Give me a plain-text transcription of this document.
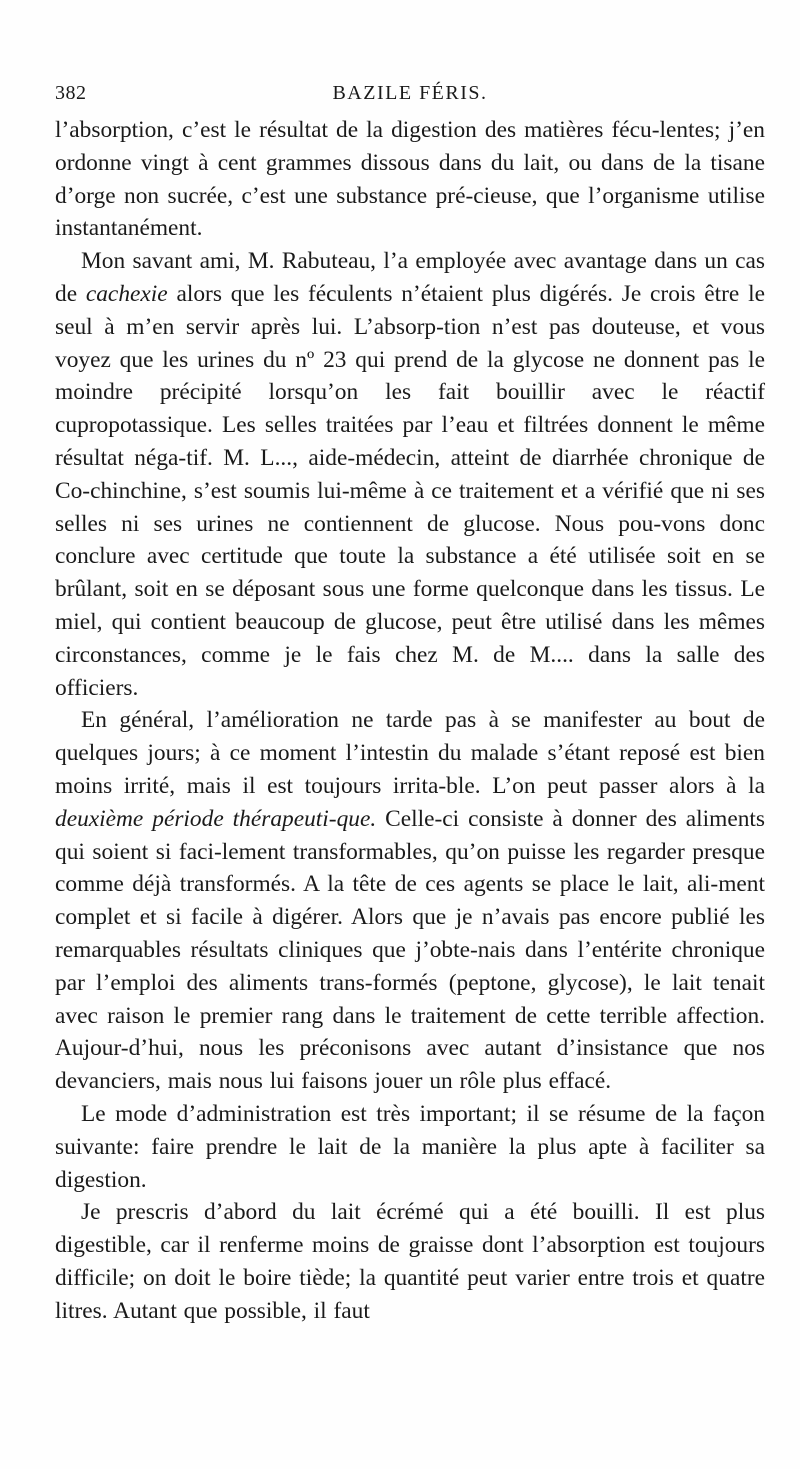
382	BAZILE FÉRIS.

l’absorption, c’est le résultat de la digestion des matières fécu-lentes; j’en ordonne vingt à cent grammes dissous dans du lait, ou dans de la tisane d’orge non sucrée, c’est une substance pré-cieuse, que l’organisme utilise instantanément.

Mon savant ami, M. Rabuteau, l’a employée avec avantage dans un cas de cachexie alors que les féculents n’étaient plus digérés. Je crois être le seul à m’en servir après lui. L’absorp-tion n’est pas douteuse, et vous voyez que les urines du nº 23 qui prend de la glycose ne donnent pas le moindre précipité lorsqu’on les fait bouillir avec le réactif cupropotassique. Les selles traitées par l’eau et filtrées donnent le même résultat néga-tif. M. L..., aide-médecin, atteint de diarrhée chronique de Co-chinchine, s’est soumis lui-même à ce traitement et a vérifié que ni ses selles ni ses urines ne contiennent de glucose. Nous pou-vons donc conclure avec certitude que toute la substance a été utilisée soit en se brûlant, soit en se déposant sous une forme quelconque dans les tissus. Le miel, qui contient beaucoup de glucose, peut être utilisé dans les mêmes circonstances, comme je le fais chez M. de M.... dans la salle des officiers.

En général, l’amélioration ne tarde pas à se manifester au bout de quelques jours; à ce moment l’intestin du malade s’étant reposé est bien moins irrité, mais il est toujours irrita-ble. L’on peut passer alors à la deuxième période thérapeuti-que. Celle-ci consiste à donner des aliments qui soient si faci-lement transformables, qu’on puisse les regarder presque comme déjà transformés. A la tête de ces agents se place le lait, ali-ment complet et si facile à digérer. Alors que je n’avais pas encore publié les remarquables résultats cliniques que j’obte-nais dans l’entérite chronique par l’emploi des aliments trans-formés (peptone, glycose), le lait tenait avec raison le premier rang dans le traitement de cette terrible affection. Aujour-d’hui, nous les préconisons avec autant d’insistance que nos devanciers, mais nous lui faisons jouer un rôle plus effacé.

Le mode d’administration est très important; il se résume de la façon suivante: faire prendre le lait de la manière la plus apte à faciliter sa digestion.

Je prescris d’abord du lait écrémé qui a été bouilli. Il est plus digestible, car il renferme moins de graisse dont l’absorption est toujours difficile; on doit le boire tiède; la quantité peut varier entre trois et quatre litres. Autant que possible, il faut
